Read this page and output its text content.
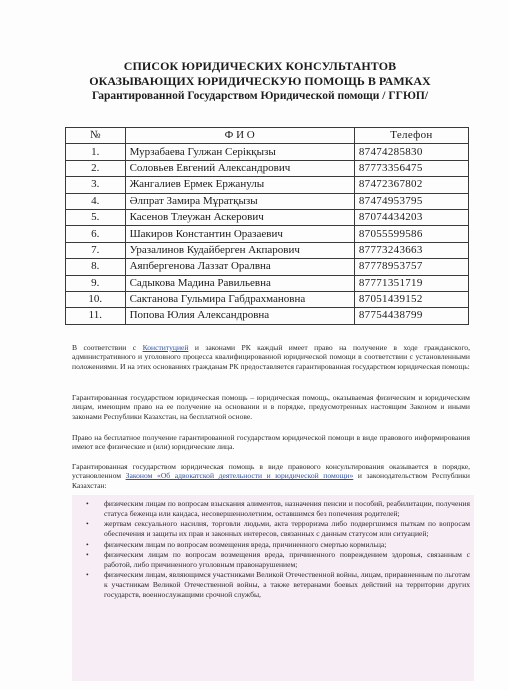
СПИСОК ЮРИДИЧЕСКИХ КОНСУЛЬТАНТОВ
ОКАЗЫВАЮЩИХ ЮРИДИЧЕСКУЮ ПОМОЩЬ В РАМКАХ
Гарантированной Государством Юридической помощи / ГГЮП/
№	Ф И О	Телефон
1.	Мурзабаева Гулжан Серікқызы	87474285830
2.	Соловьев Евгений Александрович	87773356475
3.	Жангалиев Ермек Ержанулы	87472367802
4.	Әлпрат Замира Мұратқызы	87474953795
5.	Касенов Тлеужан Аскерович	87074434203
6.	Шакиров Константин Оразаевич	87055599586
7.	Уразалинов Кудайберген Акпарович	87773243663
8.	Аяпбергенова Лаззат Оралвна	87778953757
9.	Садыкова Мадина Равильевна	87771351719
10.	Сактанова Гульмира Габдрахмановна	87051439152
11.	Попова Юлия Александровна	87754438799
В соответствии с Конституцией и законами РК каждый имеет право на получение в ходе гражданского, административного и уголовного процесса квалифицированной юридической помощи в соответствии с установленными положениями. И на этих основаниях гражданам РК предоставляется гарантированная государством юридическая помощь:
Гарантированная государством юридическая помощь – юридическая помощь, оказываемая физическим и юридическим лицам, имеющим право на ее получение на основании и в порядке, предусмотренных настоящим Законом и иными законами Республики Казахстан, на бесплатной основе.
Право на бесплатное получение гарантированной государством юридической помощи в виде правового информирования имеют все физические и (или) юридические лица.
Гарантированная государством юридическая помощь в виде правового консультирования оказывается в порядке, установленном Законом «Об адвокатской деятельности и юридической помощи» и законодательством Республики Казахстан:
• физическим лицам по вопросам взыскания алиментов, назначения пенсии и пособий, реабилитации, получения статуса беженца или кандаса, несовершеннолетним, оставшимся без попечения родителей;
• жертвам сексуального насилия, торговли людьми, акта терроризма либо подвергшимся пыткам по вопросам обеспечения и защиты их прав и законных интересов, связанных с данным статусом или ситуацией;
• физическим лицам по вопросам возмещения вреда, причиненного смертью кормильца;
• физическим лицам по вопросам возмещения вреда, причиненного повреждением здоровья, связанным с работой, либо причиненного уголовным правонарушением;
• физическим лицам, являющимся участниками Великой Отечественной войны, лицам, приравненным по льготам к участникам Великой Отечественной войны, а также ветеранами боевых действий на территории других государств, военнослужащими срочной службы,
